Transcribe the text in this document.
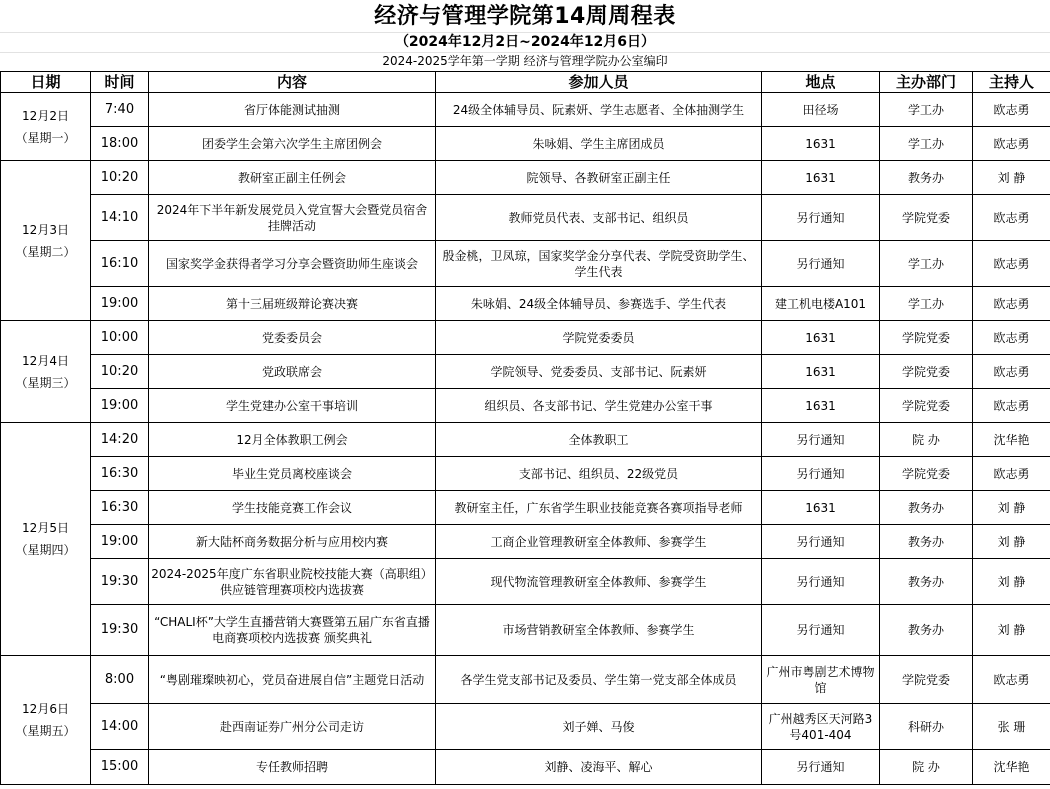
经济与管理学院第14周周程表
（2024年12月2日~2024年12月6日）
2024-2025学年第一学期 经济与管理学院办公室编印
日期	时间	内容	参加人员	地点	主办部门	主持人

12月2日
（星期一）	7:40	省厅体能测试抽测	24级全体辅导员、阮素妍、学生志愿者、全体抽测学生	田径场	学工办	欧志勇
	18:00	团委学生会第六次学生主席团例会	朱咏娟、学生主席团成员	1631	学工办	欧志勇

12月3日
（星期二）	10:20	教研室正副主任例会	院领导、各教研室正副主任	1631	教务办	刘 静
	14:10	2024年下半年新发展党员入党宣誓大会暨党员宿舍挂牌活动	教师党员代表、支部书记、组织员	另行通知	学院党委	欧志勇
	16:10	国家奖学金获得者学习分享会暨资助师生座谈会	殷金桃，卫凤琼，国家奖学金分享代表、学院受资助学生、学生代表	另行通知	学工办	欧志勇
	19:00	第十三届班级辩论赛决赛	朱咏娟、24级全体辅导员、参赛选手、学生代表	建工机电楼A101	学工办	欧志勇

12月4日
（星期三）	10:00	党委委员会	学院党委委员	1631	学院党委	欧志勇
	10:20	党政联席会	学院领导、党委委员、支部书记、阮素妍	1631	学院党委	欧志勇
	19:00	学生党建办公室干事培训	组织员、各支部书记、学生党建办公室干事	1631	学院党委	欧志勇

12月5日
（星期四）	14:20	12月全体教职工例会	全体教职工	另行通知	院 办	沈华艳
	16:30	毕业生党员离校座谈会	支部书记、组织员、22级党员	另行通知	学院党委	欧志勇
	16:30	学生技能竞赛工作会议	教研室主任，广东省学生职业技能竞赛各赛项指导老师	1631	教务办	刘 静
	19:00	新大陆杯商务数据分析与应用校内赛	工商企业管理教研室全体教师、参赛学生	另行通知	教务办	刘 静
	19:30	2024-2025年度广东省职业院校技能大赛（高职组）供应链管理赛项校内选拔赛	现代物流管理教研室全体教师、参赛学生	另行通知	教务办	刘 静
	19:30	“CHALI杯”大学生直播营销大赛暨第五届广东省直播电商赛项校内选拔赛 颁奖典礼	市场营销教研室全体教师、参赛学生	另行通知	教务办	刘 静

12月6日
（星期五）	8:00	“粤剧璀璨映初心，党员奋进展自信”主题党日活动	各学生党支部书记及委员、学生第一党支部全体成员	广州市粤剧艺术博物馆	学院党委	欧志勇
	14:00	赴西南证券广州分公司走访	刘子婵、马俊	广州越秀区天河路3号401-404	科研办	张 珊
	15:00	专任教师招聘	刘静、凌海平、解心	另行通知	院 办	沈华艳
